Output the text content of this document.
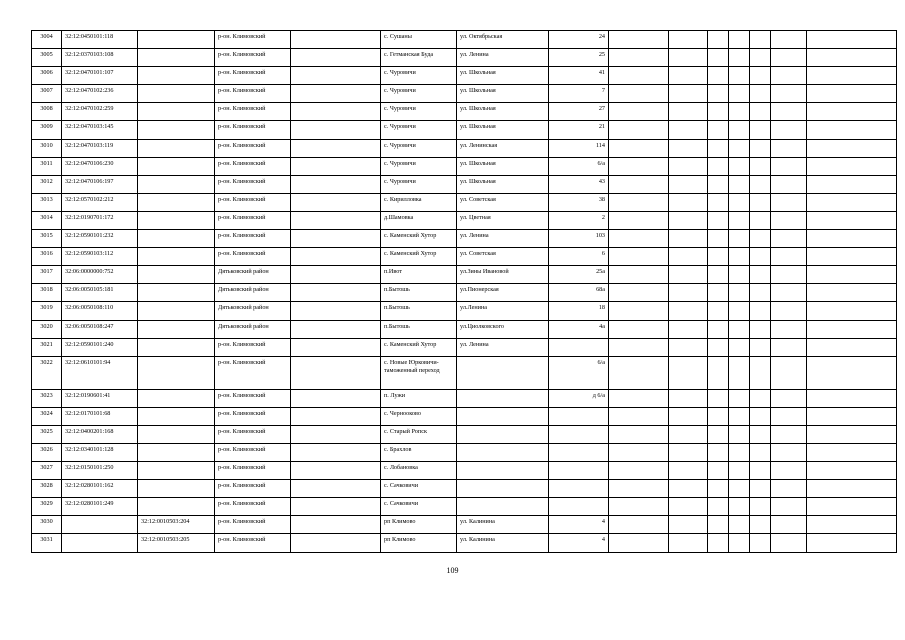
3004	32:12:0450101:118		р-он. Климовский		с. Сушаны	ул. Октябрьская	24							
3005	32:12:0370103:108		р-он. Климовский		с. Гетманская Буда	ул. Ленина	25							
3006	32:12:0470101:107		р-он. Климовский		с. Чуровичи	ул. Школьная	41							
3007	32:12:0470102:236		р-он. Климовский		с. Чуровичи	ул. Школьная	7							
3008	32:12:0470102:259		р-он. Климовский		с. Чуровичи	ул. Школьная	27							
3009	32:12:0470103:145		р-он. Климовский		с. Чуровичи	ул. Школьная	21							
3010	32:12:0470103:119		р-он. Климовский		с. Чуровичи	ул. Ленинская	114							
3011	32:12:0470106:230		р-он. Климовский		с. Чуровичи	ул. Школьная	6/а							
3012	32:12:0470106:197		р-он. Климовский		с. Чуровичи	ул. Школьная	43							
3013	32:12:0570102:212		р-он. Климовский		с. Кирилловка	ул. Советская	38							
3014	32:12:0190701:172		р-он. Климовский		д.Шамовка	ул. Цветная	2							
3015	32:12:0590101:232		р-он. Климовский		с. Каменский Хутор	ул. Ленина	103							
3016	32:12:0590103:112		р-он. Климовский		с. Каменский Хутор	ул. Советская	6							
3017	32:06:0000000:752		Дятьковский район		п.Ивот	ул.Зины Ивановой	25а							
3018	32:06:0050105:181		Дятьковский район		п.Бытошь	ул.Пионерская	68а							
3019	32:06:0050108:110		Дятьковский район		п.Бытошь	ул.Ленина	18							
3020	32:06:0050108:247		Дятьковский район		п.Бытошь	ул.Циолковского	4а							
3021	32:12:0590101:240		р-он. Климовский		с. Каменский Хутор	ул. Ленина								
3022	32:12:0610101:94		р-он. Климовский		с. Новые Юрковичи-таможенный переход		6/а							
3023	32:12:0190601:41		р-он. Климовский		п. Лужи		д 6/а							
3024	32:12:0170101:68		р-он. Климовский		с. Чернооково									
3025	32:12:0400201:168		р-он. Климовский		с. Старый Ропск									
3026	32:12:0340101:128		р-он. Климовский		с. Брахлов									
3027	32:12:0150101:250		р-он. Климовский		с. Лобановка									
3028	32:12:0280101:162		р-он. Климовский		с. Сачковичи									
3029	32:12:0280101:249		р-он. Климовский		с. Сачковичи									
3030		32:12:0010503:204	р-он. Климовский		рп Климово	ул. Калинина	4							
3031		32:12:0010503:205	р-он. Климовский		рп Климово	ул. Калинина	4							
109
